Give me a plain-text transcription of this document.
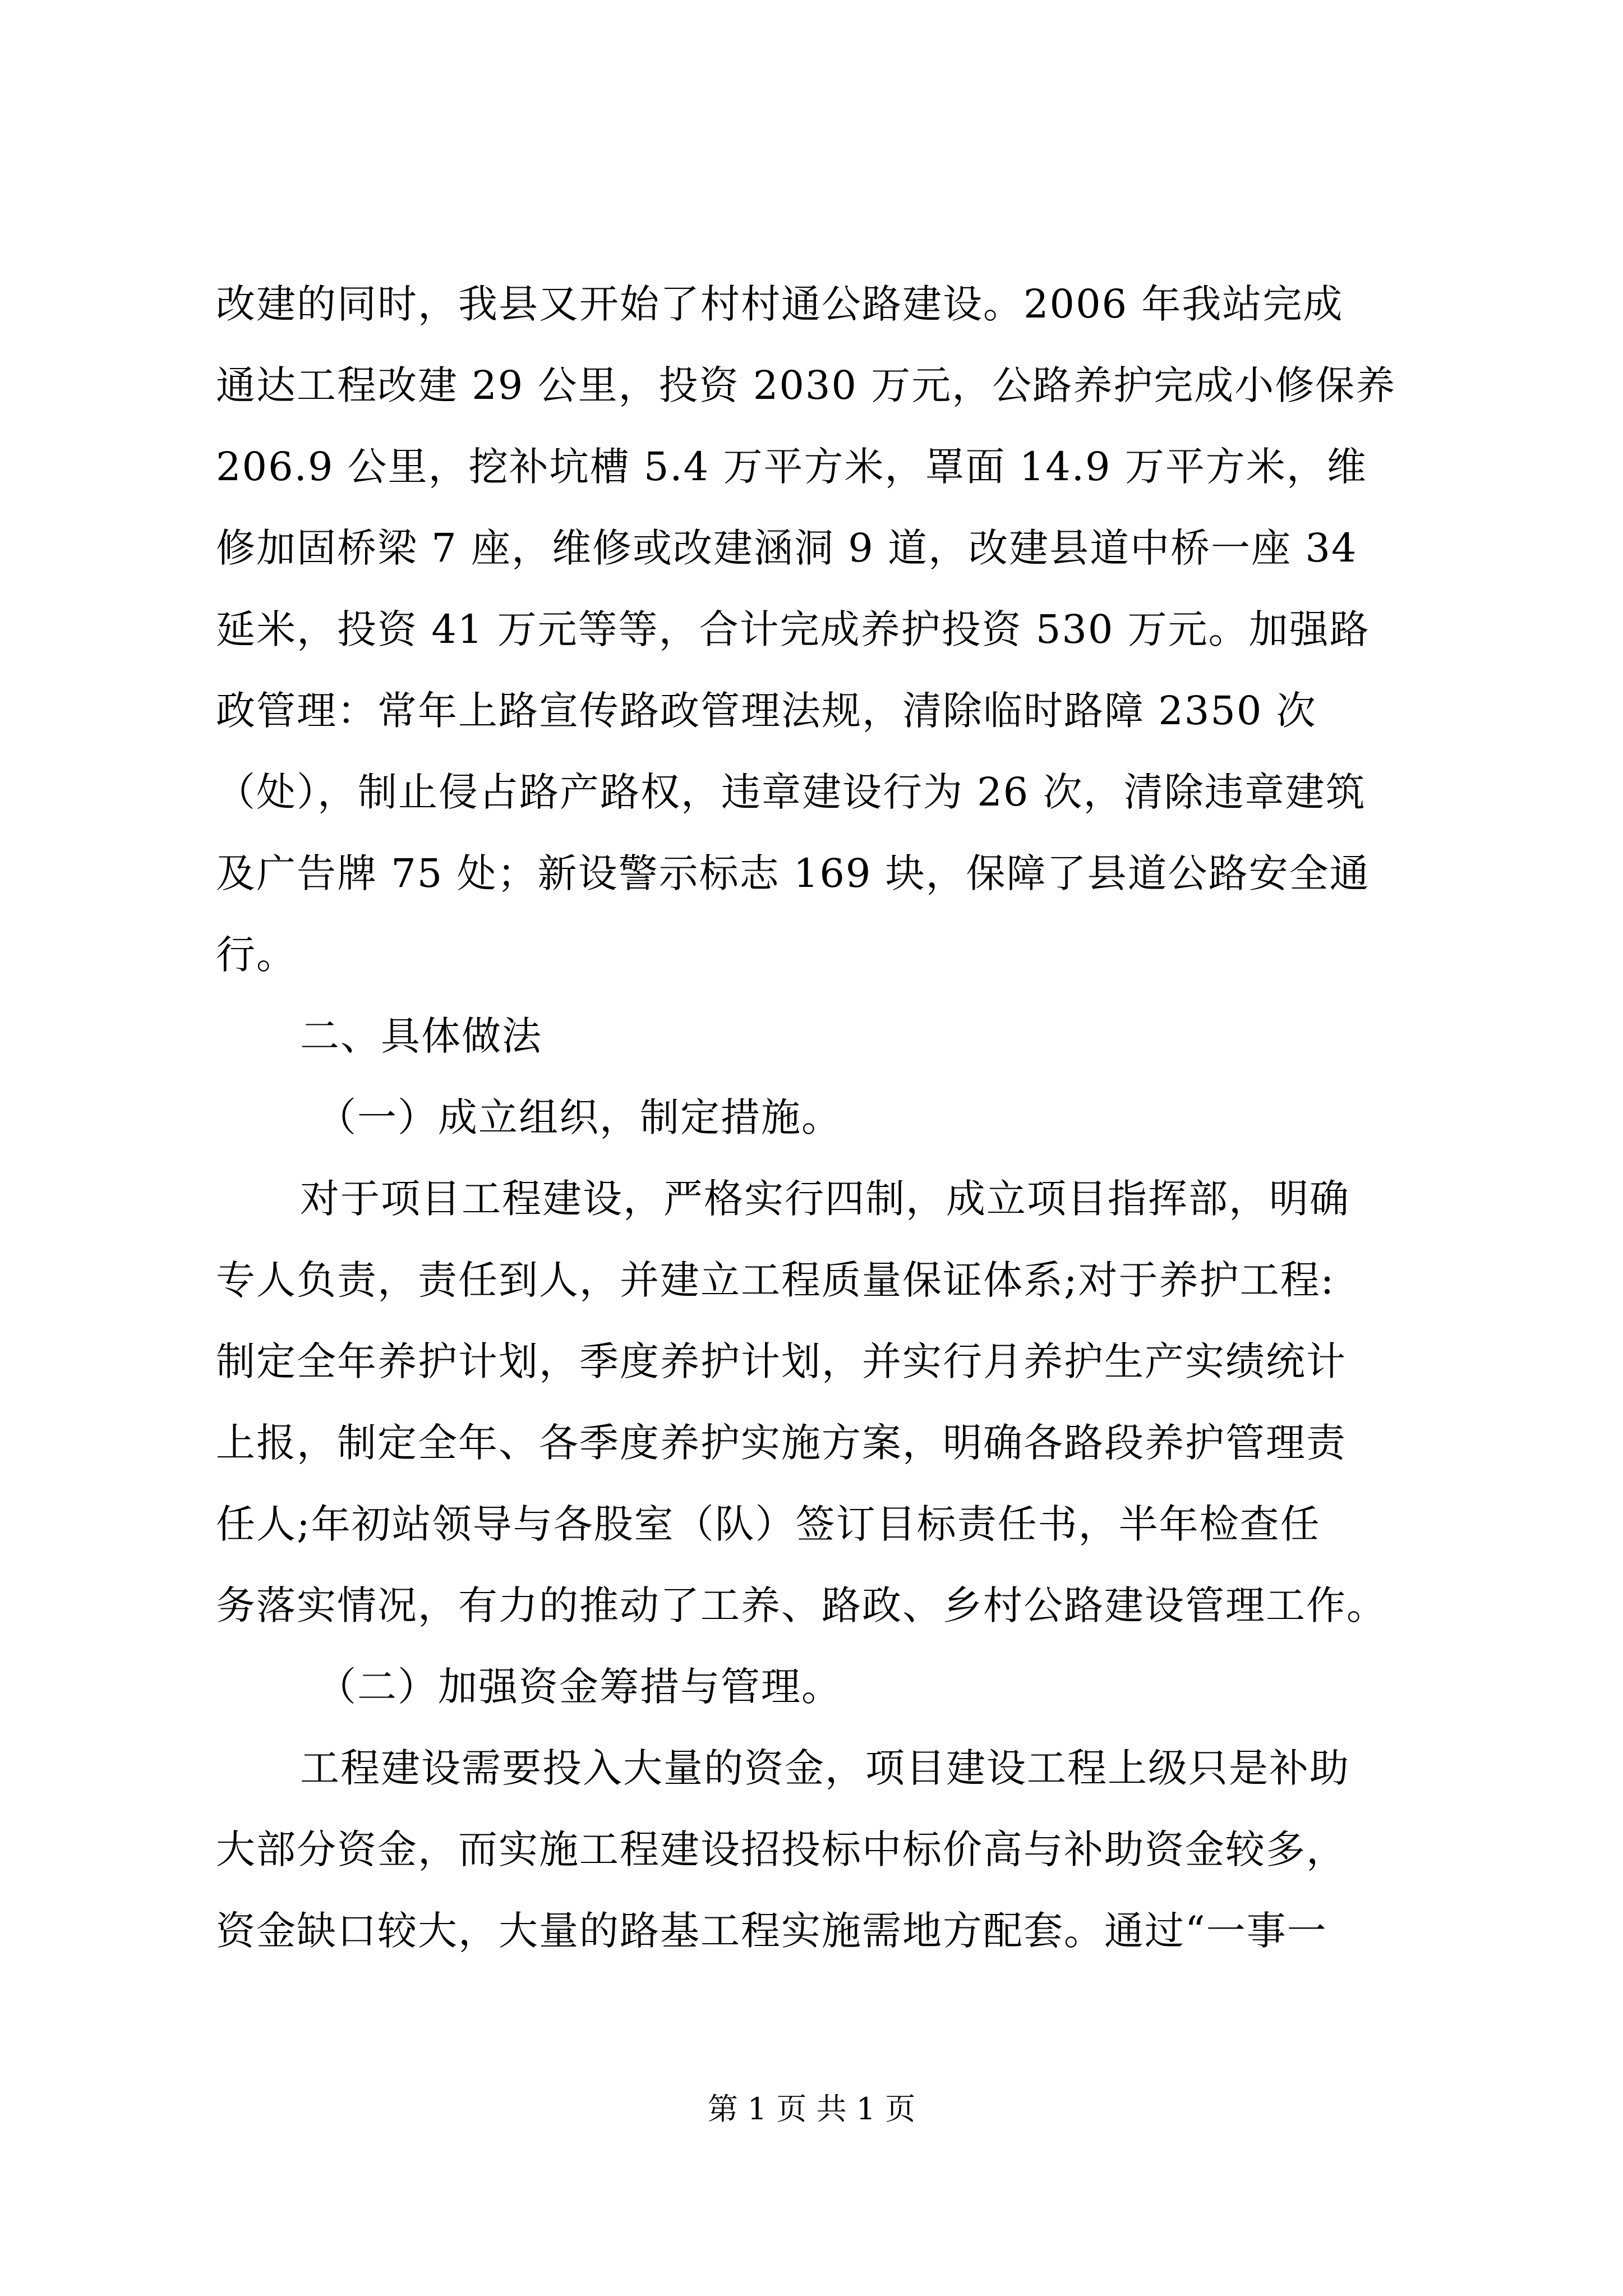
改建的同时，我县又开始了村村通公路建设。2006 年我站完成
通达工程改建 29 公里，投资 2030 万元，公路养护完成小修保养
206.9 公里，挖补坑槽 5.4 万平方米，罩面 14.9 万平方米，维
修加固桥梁 7 座，维修或改建涵洞 9 道，改建县道中桥一座 34
延米，投资 41 万元等等，合计完成养护投资 530 万元。加强路
政管理：常年上路宣传路政管理法规，清除临时路障 2350 次
（处），制止侵占路产路权，违章建设行为 26 次，清除违章建筑
及广告牌 75 处；新设警示标志 169 块，保障了县道公路安全通
行。
二、具体做法
（一）成立组织，制定措施。
对于项目工程建设，严格实行四制，成立项目指挥部，明确
专人负责，责任到人，并建立工程质量保证体系;对于养护工程:
制定全年养护计划，季度养护计划，并实行月养护生产实绩统计
上报，制定全年、各季度养护实施方案，明确各路段养护管理责
任人;年初站领导与各股室（队）签订目标责任书，半年检查任
务落实情况，有力的推动了工养、路政、乡村公路建设管理工作。
（二）加强资金筹措与管理。
工程建设需要投入大量的资金，项目建设工程上级只是补助
大部分资金，而实施工程建设招投标中标价高与补助资金较多，
资金缺口较大，大量的路基工程实施需地方配套。通过“一事一
第 1 页 共 1 页
